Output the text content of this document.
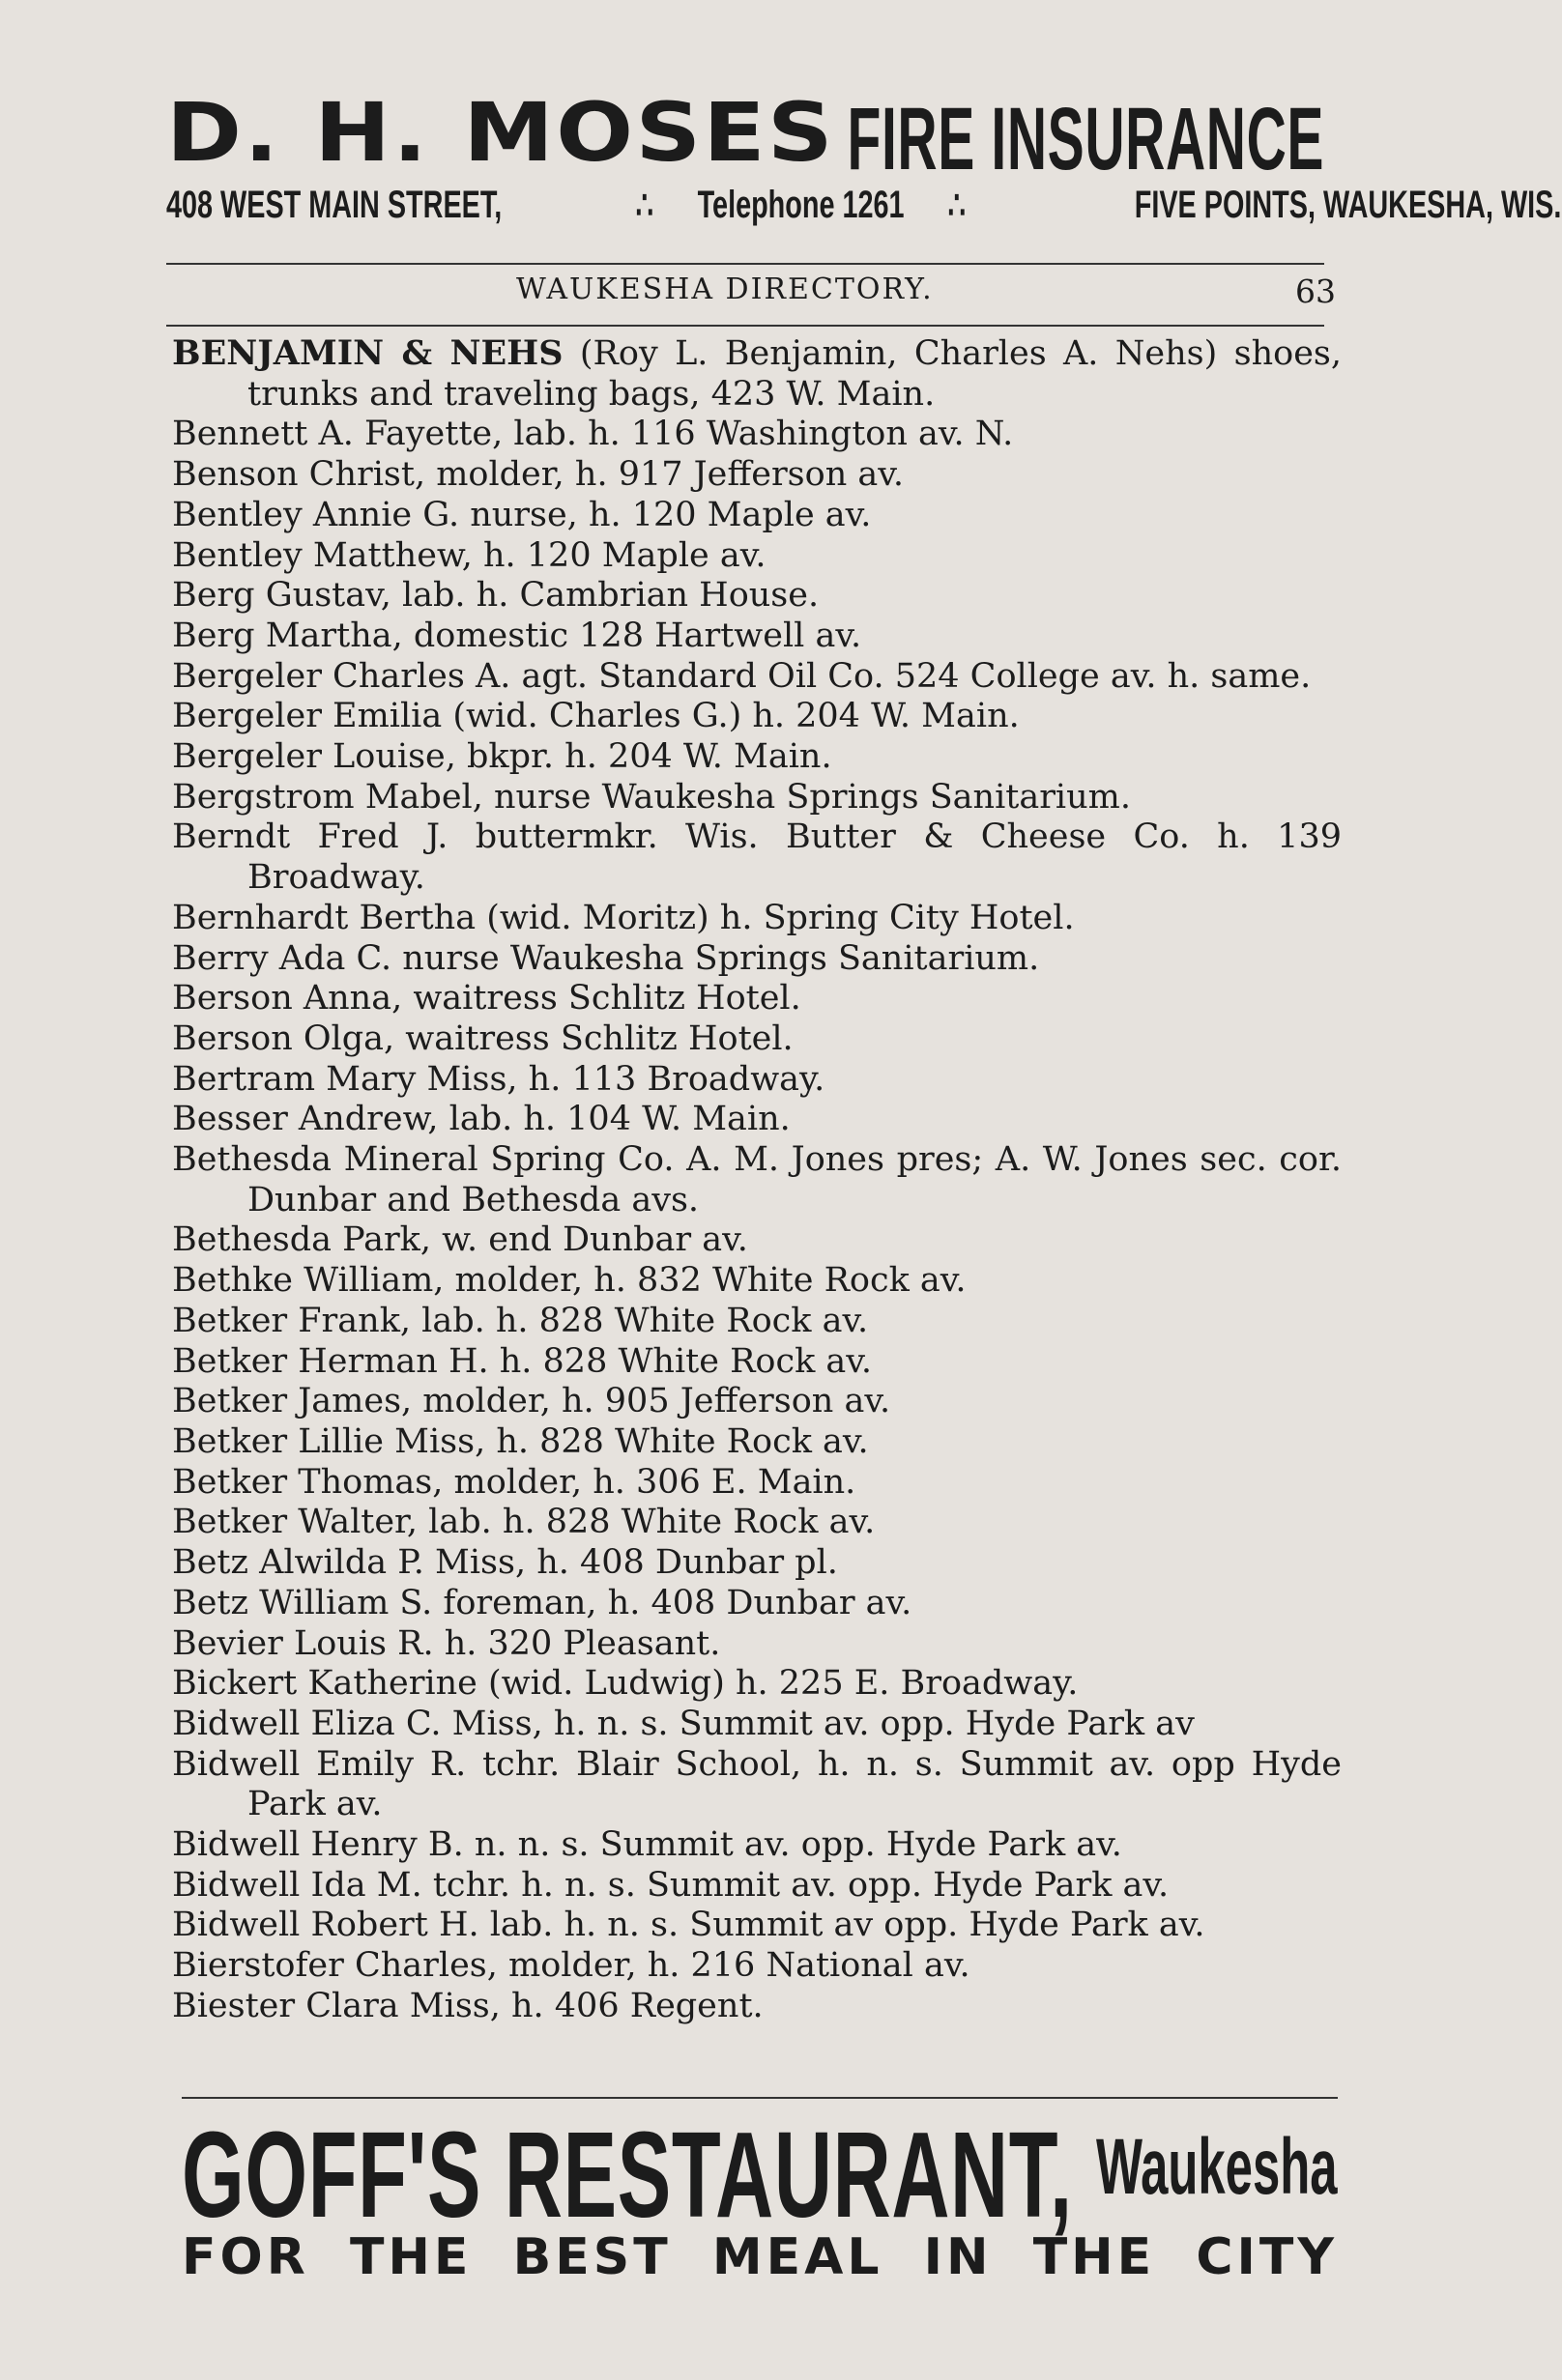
D. H. MOSES FIRE INSURANCE
408 WEST MAIN STREET,	∴ Telephone 1261 ∴	FIVE POINTS, WAUKESHA, WIS.
WAUKESHA DIRECTORY.	63
BENJAMIN & NEHS (Roy L. Benjamin, Charles A. Nehs) shoes, trunks and traveling bags, 423 W. Main.
Bennett A. Fayette, lab. h. 116 Washington av. N.
Benson Christ, molder, h. 917 Jefferson av.
Bentley Annie G. nurse, h. 120 Maple av.
Bentley Matthew, h. 120 Maple av.
Berg Gustav, lab. h. Cambrian House.
Berg Martha, domestic 128 Hartwell av.
Bergeler Charles A. agt. Standard Oil Co. 524 College av. h. same.
Bergeler Emilia (wid. Charles G.) h. 204 W. Main.
Bergeler Louise, bkpr. h. 204 W. Main.
Bergstrom Mabel, nurse Waukesha Springs Sanitarium.
Berndt Fred J. buttermkr. Wis. Butter & Cheese Co. h. 139 Broadway.
Bernhardt Bertha (wid. Moritz) h. Spring City Hotel.
Berry Ada C. nurse Waukesha Springs Sanitarium.
Berson Anna, waitress Schlitz Hotel.
Berson Olga, waitress Schlitz Hotel.
Bertram Mary Miss, h. 113 Broadway.
Besser Andrew, lab. h. 104 W. Main.
Bethesda Mineral Spring Co. A. M. Jones pres; A. W. Jones sec. cor. Dunbar and Bethesda avs.
Bethesda Park, w. end Dunbar av.
Bethke William, molder, h. 832 White Rock av.
Betker Frank, lab. h. 828 White Rock av.
Betker Herman H. h. 828 White Rock av.
Betker James, molder, h. 905 Jefferson av.
Betker Lillie Miss, h. 828 White Rock av.
Betker Thomas, molder, h. 306 E. Main.
Betker Walter, lab. h. 828 White Rock av.
Betz Alwilda P. Miss, h. 408 Dunbar pl.
Betz William S. foreman, h. 408 Dunbar av.
Bevier Louis R. h. 320 Pleasant.
Bickert Katherine (wid. Ludwig) h. 225 E. Broadway.
Bidwell Eliza C. Miss, h. n. s. Summit av. opp. Hyde Park av
Bidwell Emily R. tchr. Blair School, h. n. s. Summit av. opp Hyde Park av.
Bidwell Henry B. n. n. s. Summit av. opp. Hyde Park av.
Bidwell Ida M. tchr. h. n. s. Summit av. opp. Hyde Park av.
Bidwell Robert H. lab. h. n. s. Summit av opp. Hyde Park av.
Bierstofer Charles, molder, h. 216 National av.
Biester Clara Miss, h. 406 Regent.
GOFF'S RESTAURANT, Waukesha
FOR THE BEST MEAL IN THE CITY
